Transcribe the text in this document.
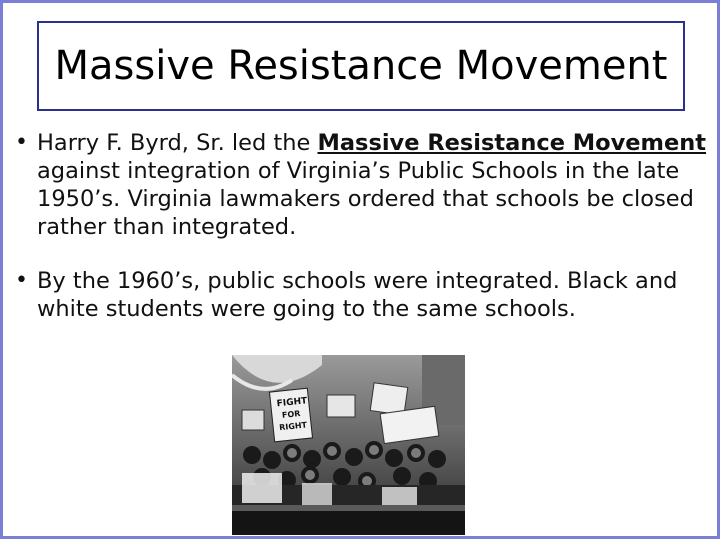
Massive Resistance Movement
• Harry F. Byrd, Sr. led the Massive Resistance Movement against integration of Virginia’s Public Schools in the late 1950’s. Virginia lawmakers ordered that schools be closed rather than integrated.
• By the 1960’s, public schools were integrated. Black and white students were going to the same schools.
FIGHT
FOR
RIGHT
